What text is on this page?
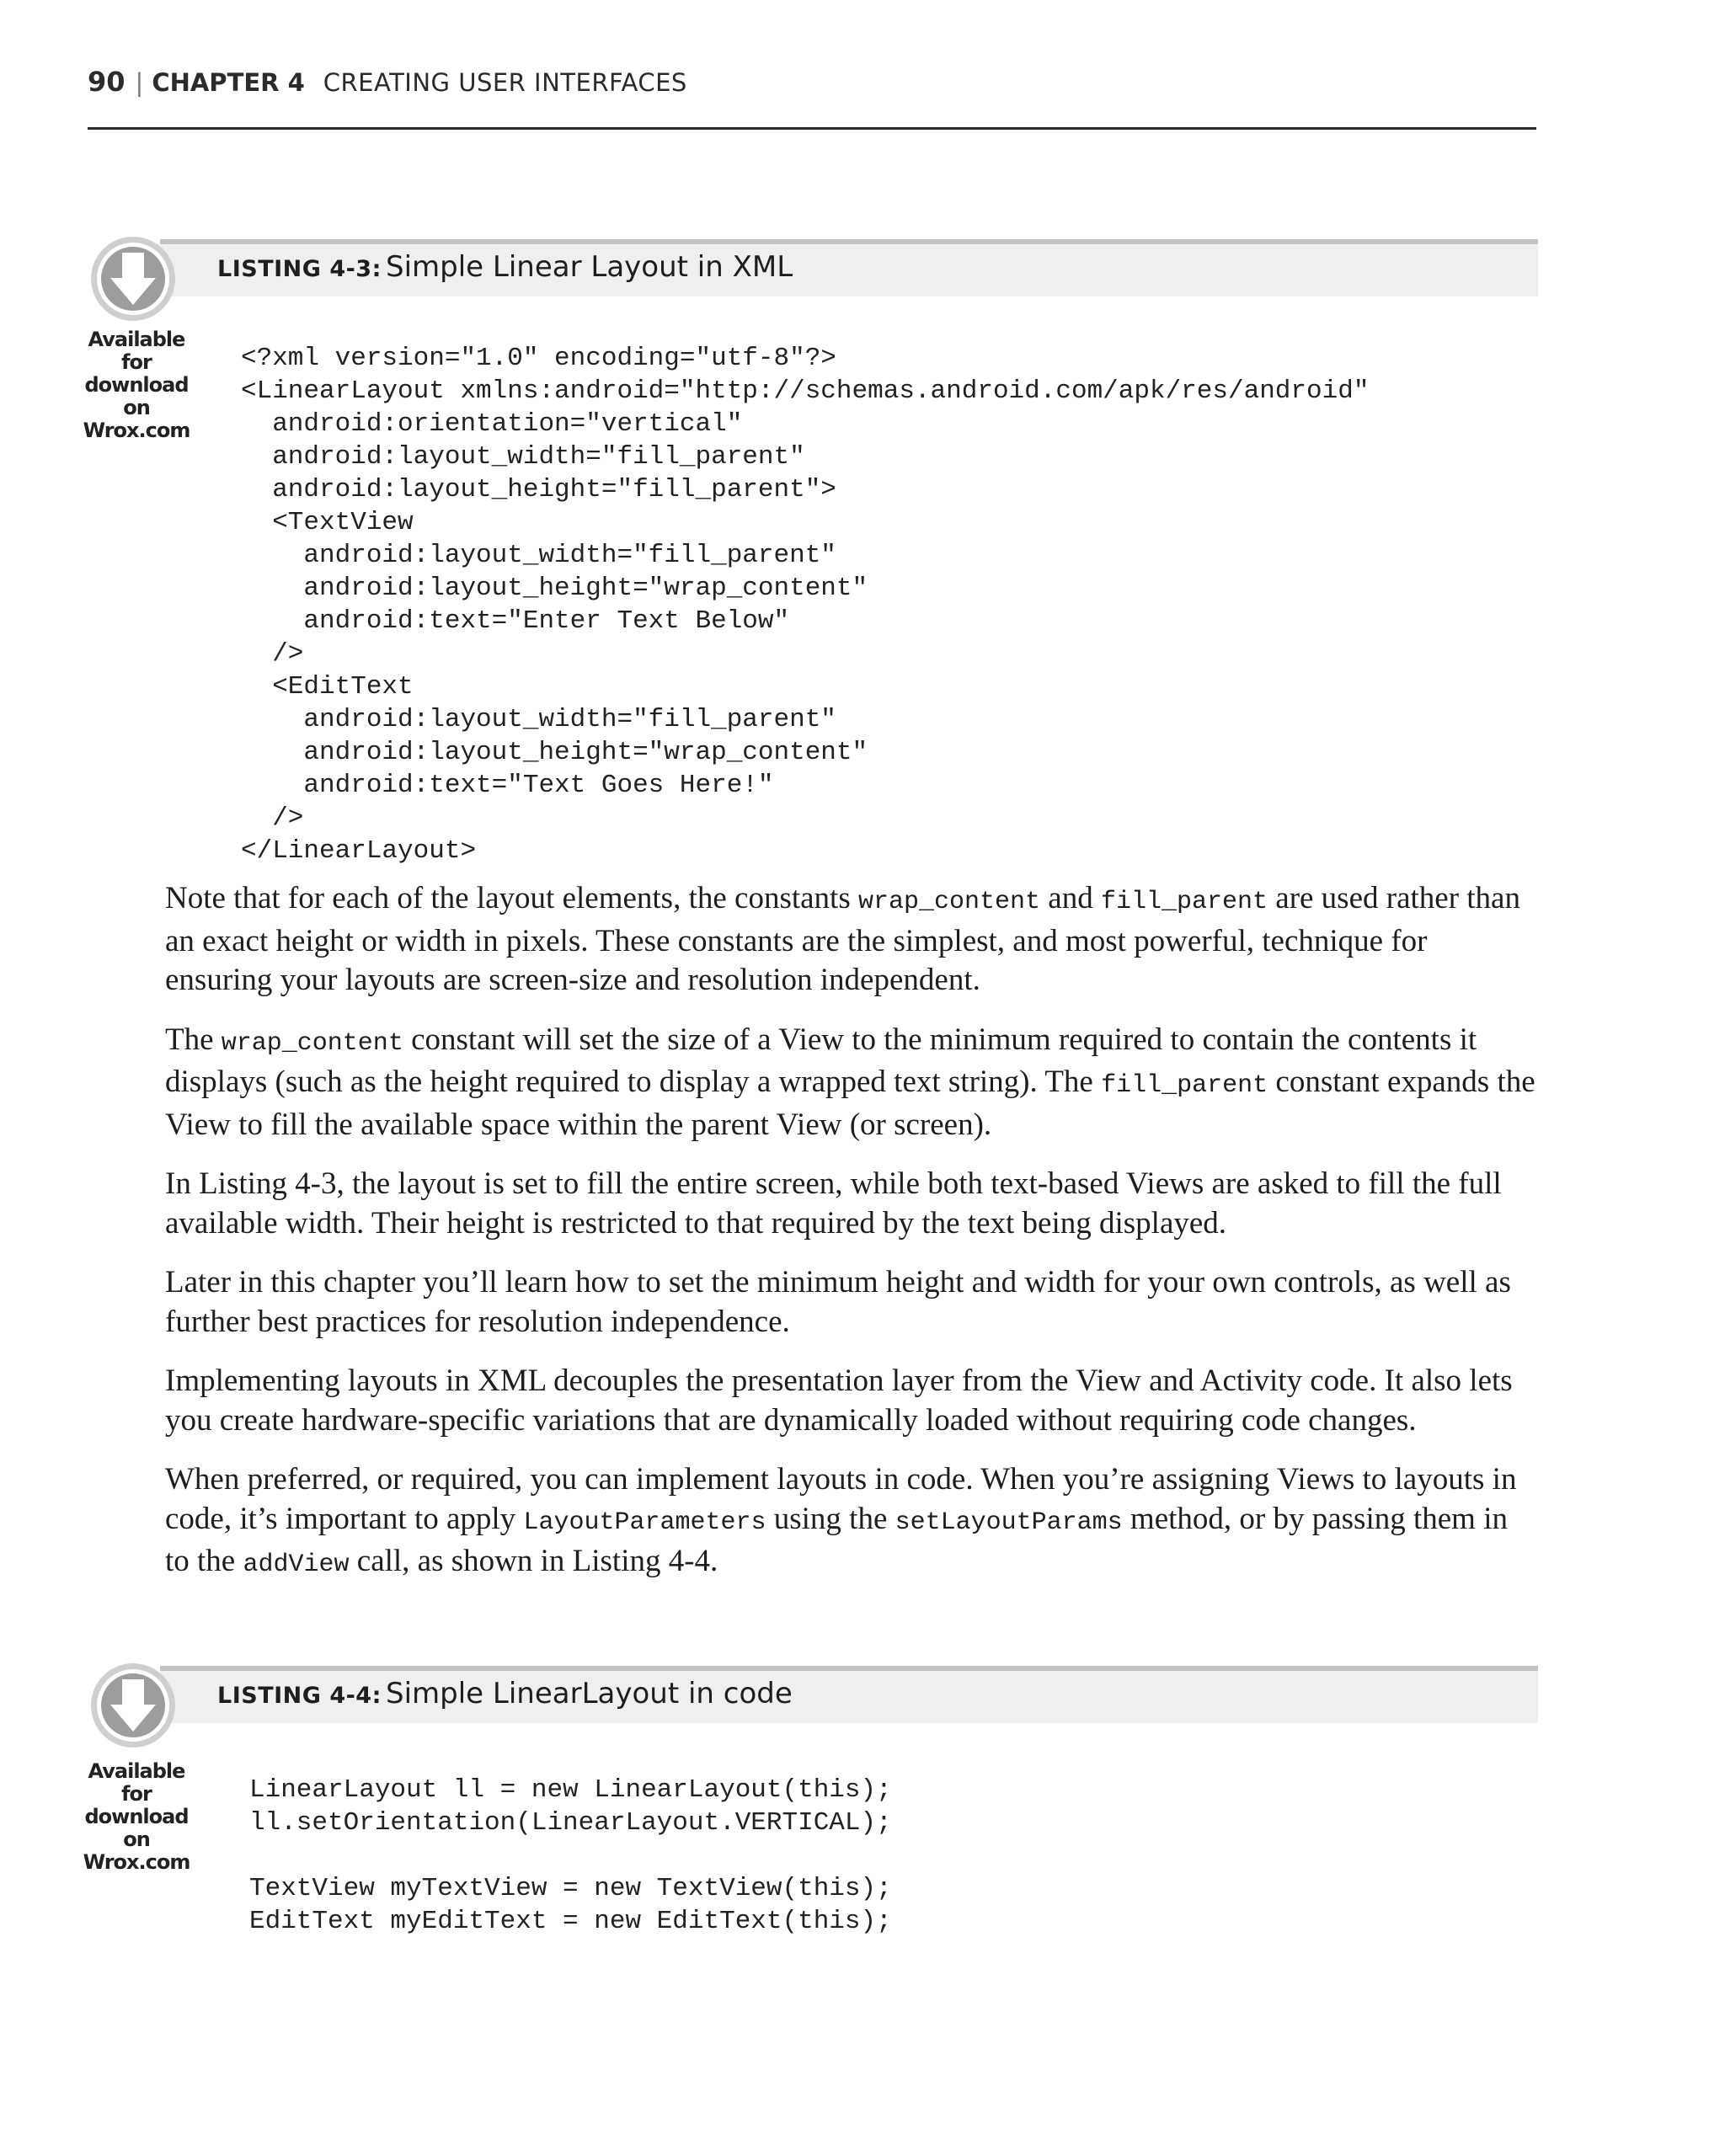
90 | CHAPTER 4 CREATING USER INTERFACES
LISTING 4-3: Simple Linear Layout in XML
Available for
download on
Wrox.com
<?xml version="1.0" encoding="utf-8"?>
<LinearLayout xmlns:android="http://schemas.android.com/apk/res/android"
android:orientation="vertical"
android:layout_width="fill_parent"
android:layout_height="fill_parent">
<TextView
android:layout_width="fill_parent"
android:layout_height="wrap_content"
android:text="Enter Text Below"
/>
<EditText
android:layout_width="fill_parent"
android:layout_height="wrap_content"
android:text="Text Goes Here!"
/>
</LinearLayout>

Note that for each of the layout elements, the constants wrap_content and fill_parent are used rather than an exact height or width in pixels. These constants are the simplest, and most powerful, technique for ensuring your layouts are screen-size and resolution independent.

The wrap_content constant will set the size of a View to the minimum required to contain the contents it displays (such as the height required to display a wrapped text string). The fill_parent constant expands the View to fill the available space within the parent View (or screen).

In Listing 4-3, the layout is set to fill the entire screen, while both text-based Views are asked to fill the full available width. Their height is restricted to that required by the text being displayed.

Later in this chapter you’ll learn how to set the minimum height and width for your own controls, as well as further best practices for resolution independence.

Implementing layouts in XML decouples the presentation layer from the View and Activity code. It also lets you create hardware-specific variations that are dynamically loaded without requiring code changes.

When preferred, or required, you can implement layouts in code. When you’re assigning Views to layouts in code, it’s important to apply LayoutParameters using the setLayoutParams method, or by passing them in to the addView call, as shown in Listing 4-4.

LISTING 4-4: Simple LinearLayout in code
Available for
download on
Wrox.com
LinearLayout ll = new LinearLayout(this);
ll.setOrientation(LinearLayout.VERTICAL);

TextView myTextView = new TextView(this);
EditText myEditText = new EditText(this);
